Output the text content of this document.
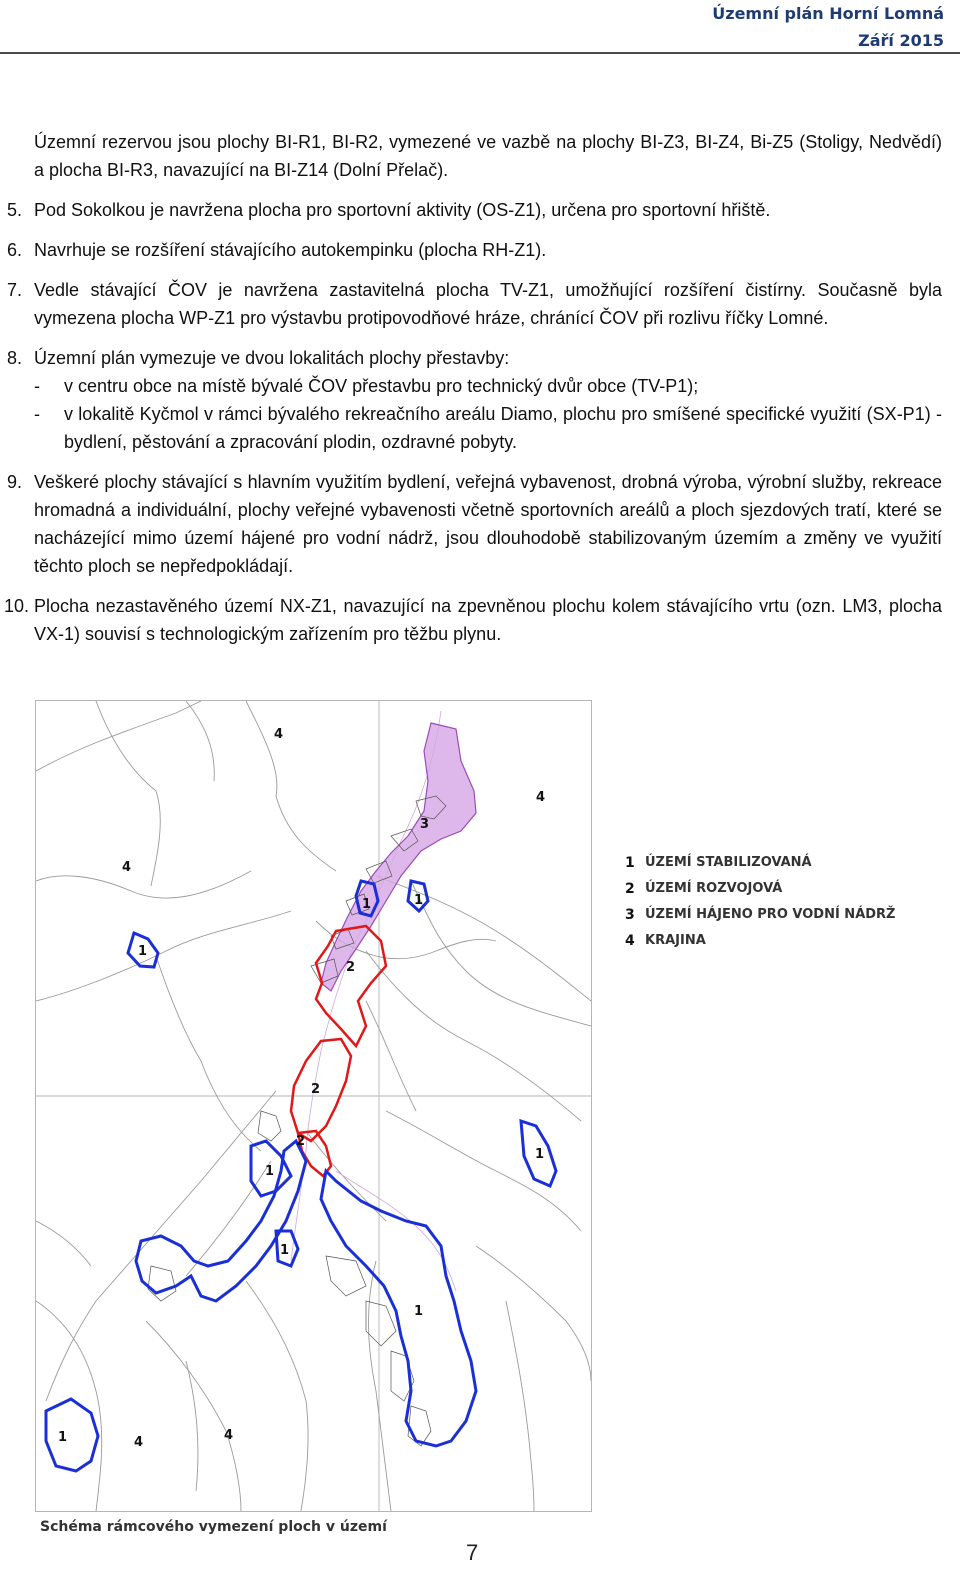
Územní plán Horní Lomná
Září 2015
Územní rezervou jsou plochy BI-R1, BI-R2, vymezené ve vazbě na plochy BI-Z3, BI-Z4, Bi-Z5 (Stoligy, Nedvědí) a plocha BI-R3, navazující na BI-Z14 (Dolní Přelač).
5. Pod Sokolkou je navržena plocha pro sportovní aktivity (OS-Z1), určena pro sportovní hřiště.
6. Navrhuje se rozšíření stávajícího autokempinku (plocha RH-Z1).
7. Vedle stávající ČOV je navržena zastavitelná plocha TV-Z1, umožňující rozšíření čistírny. Současně byla vymezena plocha WP-Z1 pro výstavbu protipovodňové hráze, chránící ČOV při rozlivu říčky Lomné.
8. Územní plán vymezuje ve dvou lokalitách plochy přestavby:
- v centru obce na místě bývalé ČOV přestavbu pro technický dvůr obce (TV-P1);
- v lokalitě Kyčmol v rámci bývalého rekreačního areálu Diamo, plochu pro smíšené specifické využití (SX-P1) - bydlení, pěstování a zpracování plodin, ozdravné pobyty.
9. Veškeré plochy stávající s hlavním využitím bydlení, veřejná vybavenost, drobná výroba, výrobní služby, rekreace hromadná a individuální, plochy veřejné vybavenosti včetně sportovních areálů a ploch sjezdových tratí, které se nacházející mimo území hájené pro vodní nádrž, jsou dlouhodobě stabilizovaným územím a změny ve využití těchto ploch se nepředpokládají.
10. Plocha nezastavěného území NX-Z1, navazující na zpevněnou plochu kolem stávajícího vrtu (ozn. LM3, plocha VX-1) souvisí s technologickým zařízením pro těžbu plynu.
4
4
4
4	4
3
1	1
1
1
1
1
1
1
2
2
2
1 ÚZEMÍ STABILIZOVANÁ
2 ÚZEMÍ ROZVOJOVÁ
3 ÚZEMÍ HÁJENO PRO VODNÍ NÁDRŽ
4 KRAJINA
Schéma rámcového vymezení ploch v území
7
